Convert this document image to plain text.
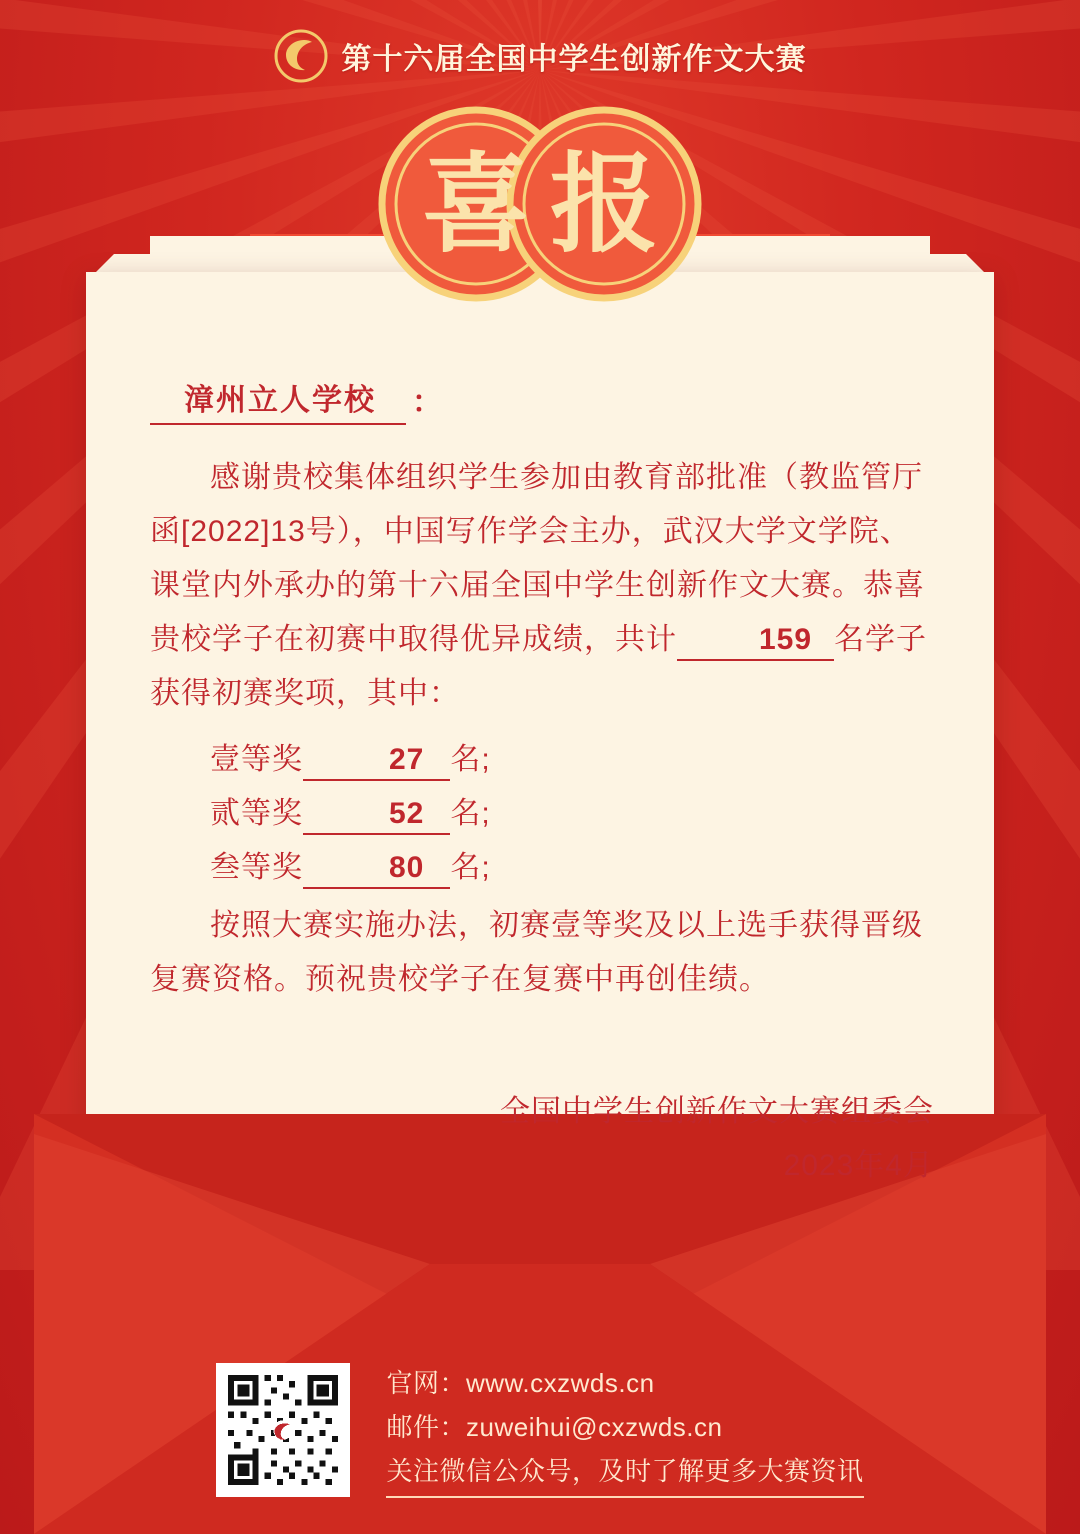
第十六届全国中学生创新作文大赛
喜 报
漳州立人学校	：
感谢贵校集体组织学生参加由教育部批准（教监管厅函[2022]13号），中国写作学会主办，武汉大学文学院、课堂内外承办的第十六届全国中学生创新作文大赛。恭喜贵校学子在初赛中取得优异成绩，共计	159 名学子获得初赛奖项，其中：
壹等奖	27 名;
贰等奖	52 名;
叁等奖	80 名;
按照大赛实施办法，初赛壹等奖及以上选手获得晋级复赛资格。预祝贵校学子在复赛中再创佳绩。
全国中学生创新作文大赛组委会
2023年4月
官网：www.cxzwds.cn
邮件：zuweihui@cxzwds.cn
关注微信公众号，及时了解更多大赛资讯
